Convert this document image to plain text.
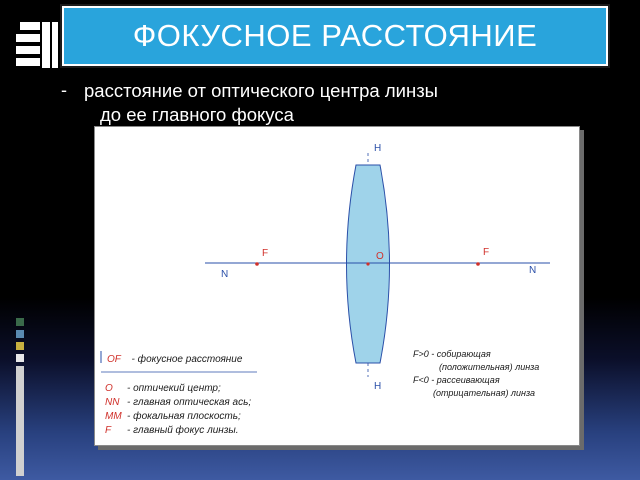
ФОКУСНОЕ РАССТОЯНИЕ
- расстояние от оптического центра линзы
до ее главного фокуса
H
H
O
F	F
N	N
OF - фокусное расстояние
O - оптичекий центр;
NN - главная оптическая ась;
MM - фокальная плоскость;
F - главный фокус линзы.
F>0 - собирающая
(положительная) линза
F<0 - рассеивающая
(отрицательная) линза
